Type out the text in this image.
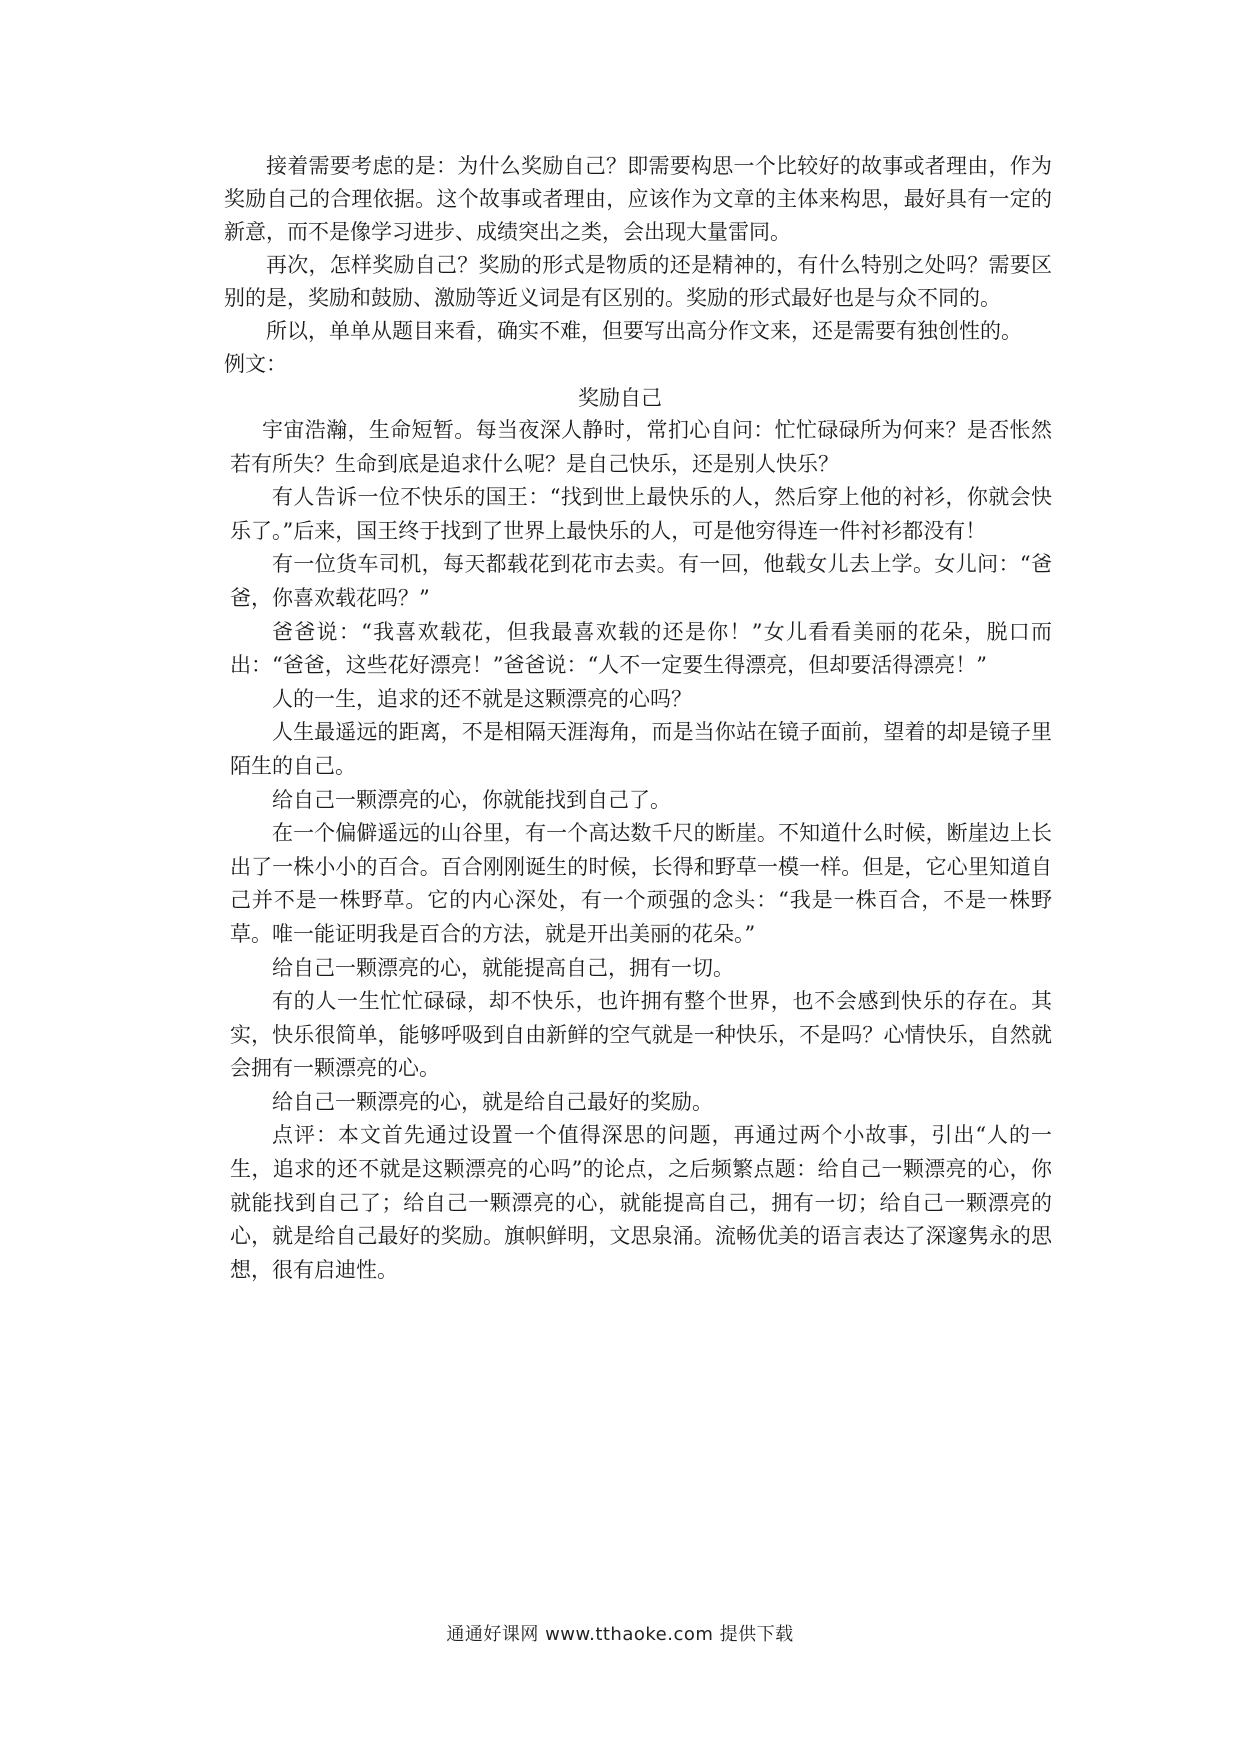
接着需要考虑的是：为什么奖励自己？即需要构思一个比较好的故事或者理由，作为奖励自己的合理依据。这个故事或者理由，应该作为文章的主体来构思，最好具有一定的新意，而不是像学习进步、成绩突出之类，会出现大量雷同。

再次，怎样奖励自己？奖励的形式是物质的还是精神的，有什么特别之处吗？需要区别的是，奖励和鼓励、激励等近义词是有区别的。奖励的形式最好也是与众不同的。

所以，单单从题目来看，确实不难，但要写出高分作文来，还是需要有独创性的。

例文：

奖励自己

宇宙浩瀚，生命短暂。每当夜深人静时，常扪心自问：忙忙碌碌所为何来？是否怅然若有所失？生命到底是追求什么呢？是自己快乐，还是别人快乐？

有人告诉一位不快乐的国王：“找到世上最快乐的人，然后穿上他的衬衫，你就会快乐了。”后来，国王终于找到了世界上最快乐的人，可是他穷得连一件衬衫都没有！

有一位货车司机，每天都载花到花市去卖。有一回，他载女儿去上学。女儿问：“爸爸，你喜欢载花吗？”

爸爸说：“我喜欢载花，但我最喜欢载的还是你！”女儿看看美丽的花朵，脱口而出：“爸爸，这些花好漂亮！”爸爸说：“人不一定要生得漂亮，但却要活得漂亮！”

人的一生，追求的还不就是这颗漂亮的心吗？

人生最遥远的距离，不是相隔天涯海角，而是当你站在镜子面前，望着的却是镜子里陌生的自己。

给自己一颗漂亮的心，你就能找到自己了。

在一个偏僻遥远的山谷里，有一个高达数千尺的断崖。不知道什么时候，断崖边上长出了一株小小的百合。百合刚刚诞生的时候，长得和野草一模一样。但是，它心里知道自己并不是一株野草。它的内心深处，有一个顽强的念头：“我是一株百合，不是一株野草。唯一能证明我是百合的方法，就是开出美丽的花朵。”

给自己一颗漂亮的心，就能提高自己，拥有一切。

有的人一生忙忙碌碌，却不快乐，也许拥有整个世界，也不会感到快乐的存在。其实，快乐很简单，能够呼吸到自由新鲜的空气就是一种快乐，不是吗？心情快乐，自然就会拥有一颗漂亮的心。

给自己一颗漂亮的心，就是给自己最好的奖励。

点评：本文首先通过设置一个值得深思的问题，再通过两个小故事，引出“人的一生，追求的还不就是这颗漂亮的心吗”的论点，之后频繁点题：给自己一颗漂亮的心，你就能找到自己了；给自己一颗漂亮的心，就能提高自己，拥有一切；给自己一颗漂亮的心，就是给自己最好的奖励。旗帜鲜明，文思泉涌。流畅优美的语言表达了深邃隽永的思想，很有启迪性。

通通好课网 www.tthaoke.com 提供下载
